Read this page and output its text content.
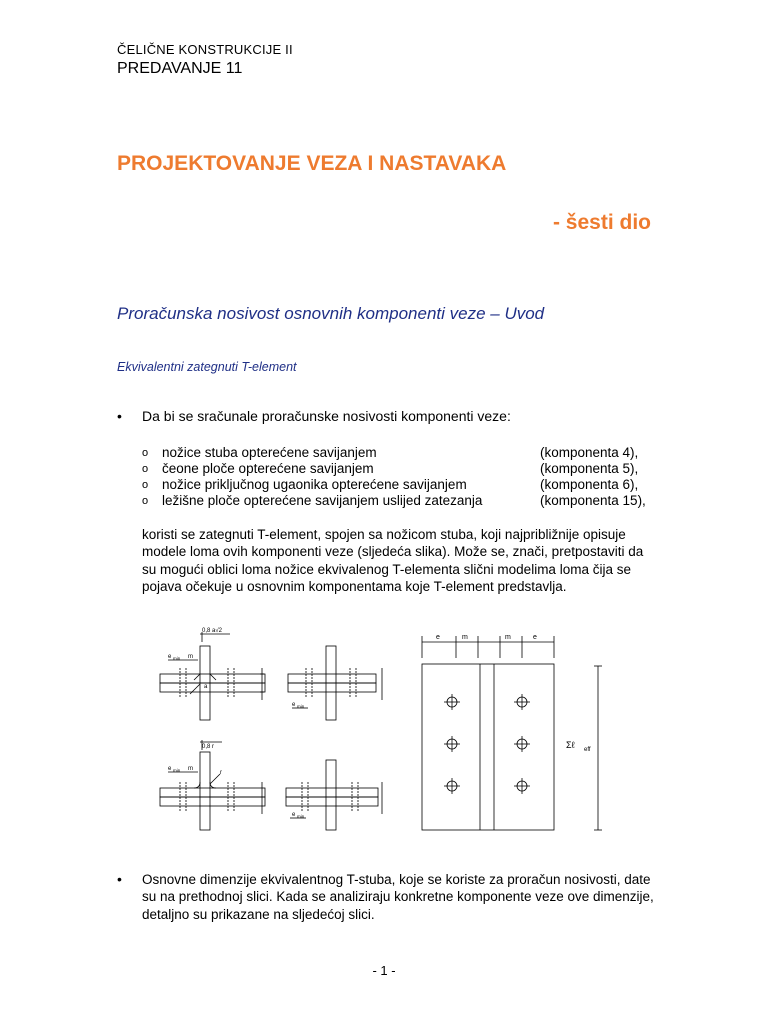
ČELIČNE KONSTRUKCIJE II
PREDAVANJE 11
PROJEKTOVANJE VEZA I NASTAVAKA
- šesti dio
Proračunska nosivost osnovnih komponenti veze – Uvod
Ekvivalentni zategnuti T-element
• Da bi se sračunale proračunske nosivosti komponenti veze:
o	nožice stuba opterećene savijanjem	(komponenta 4),
o	čeone ploče opterećene savijanjem	(komponenta 5),
o	nožice priključnog ugaonika opterećene savijanjem	(komponenta 6),
o	ležišne ploče opterećene savijanjem uslijed zatezanja	(komponenta 15),
koristi se zategnuti T-element, spojen sa nožicom stuba, koji najpribližnije opisuje modele loma ovih komponenti veze (sljedeća slika). Može se, znači, pretpostaviti da su mogući oblici loma nožice ekvivalenog T-elementa slični modelima loma čija se pojava očekuje u osnovnim komponentama koje T-element predstavlja.
0,8 a√2
e min m
a
e min
0,8 r
e min m
r
e min
e	m	m	e
Σℓ eff
• Osnovne dimenzije ekvivalentnog T-stuba, koje se koriste za proračun nosivosti, date su na prethodnoj slici. Kada se analiziraju konkretne komponente veze ove dimenzije, detaljno su prikazane na sljedećoj slici.
- 1 -
